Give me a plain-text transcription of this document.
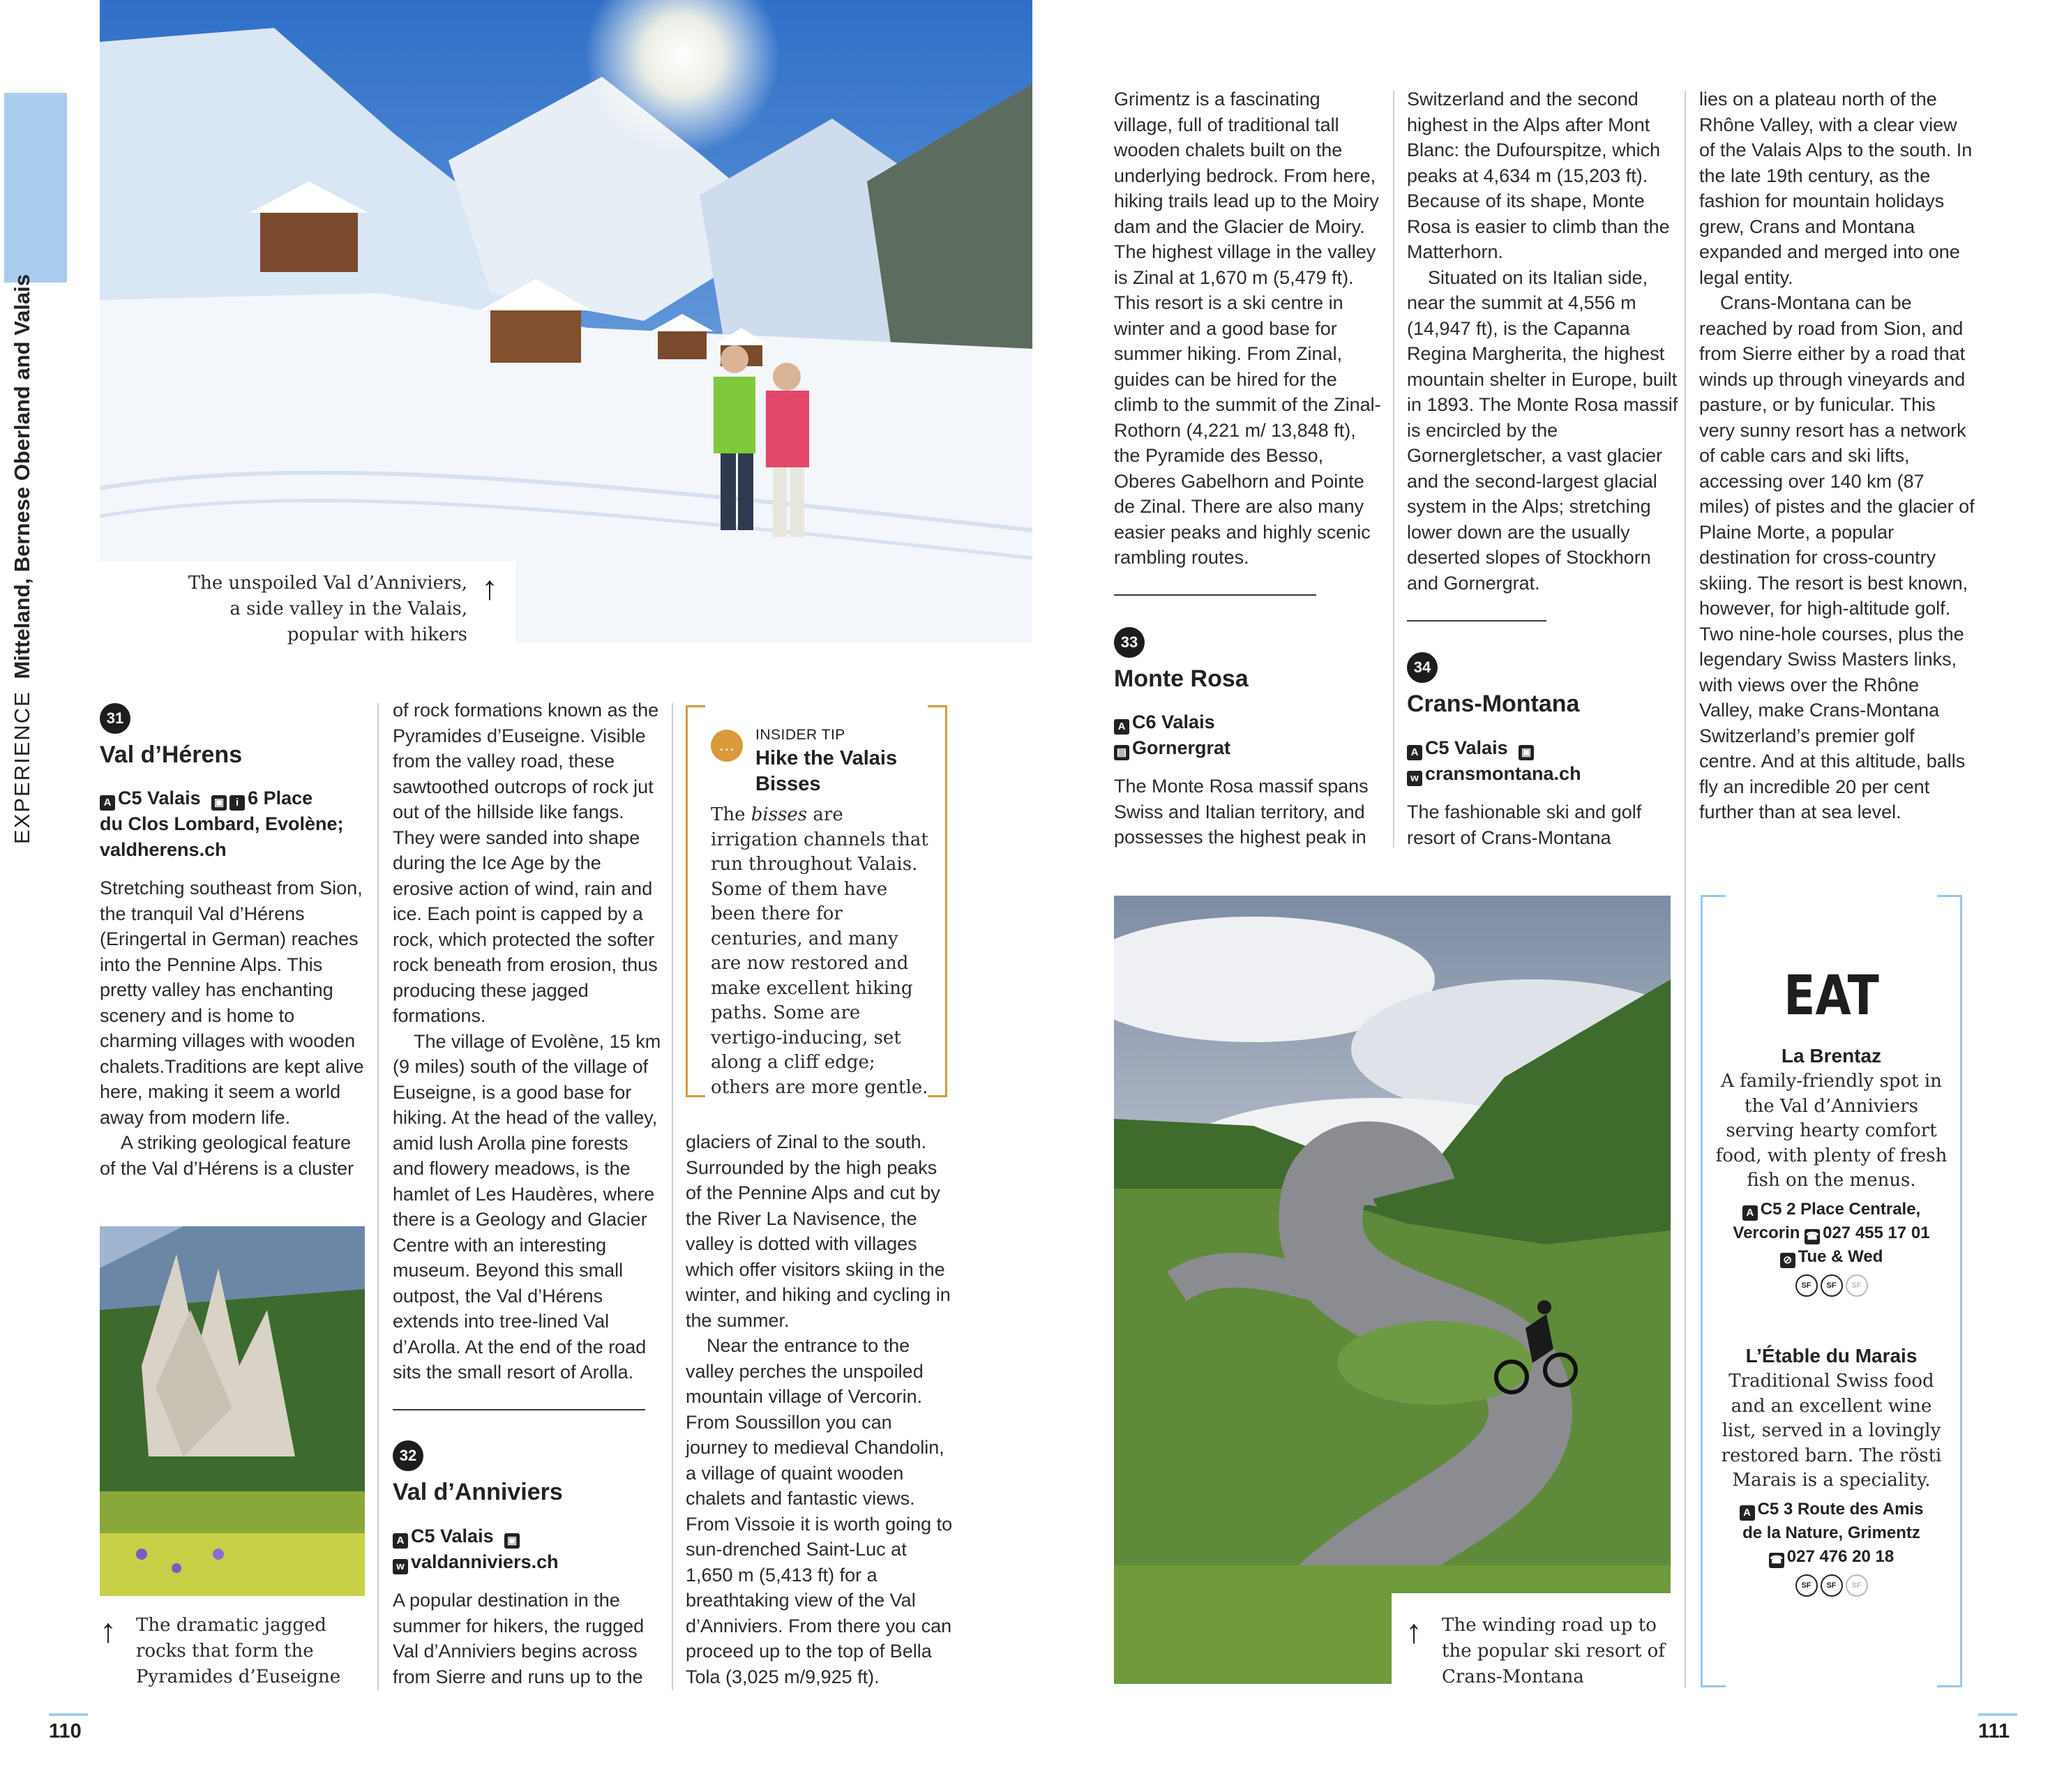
EXPERIENCE Mitteland, Bernese Oberland and Valais	The unspoiled Val d’Anniviers,
a side valley in the Valais,
popular with hikers
↑
31
Val d’Hérens
A C5 Valais ▣ i 6 Place
du Clos Lombard, Evolène;
valdherens.ch

Stretching southeast from Sion, the tranquil Val d’Hérens (Eringertal in German) reaches into the Pennine Alps. This pretty valley has enchanting scenery and is home to charming villages with wooden chalets.Traditions are kept alive here, making it seem a world away from modern life.

A striking geological feature of the Val d’Hérens is a cluster

↑ The dramatic jagged
rocks that form the
Pyramides d’Euseigne

of rock formations known as the Pyramides d’Euseigne. Visible from the valley road, these sawtoothed outcrops of rock jut out of the hillside like fangs. They were sanded into shape during the Ice Age by the erosive action of wind, rain and ice. Each point is capped by a rock, which protected the softer rock beneath from erosion, thus producing these jagged formations.

The village of Evolène, 15 km (9 miles) south of the village of Euseigne, is a good base for hiking. At the head of the valley, amid lush Arolla pine forests and flowery meadows, is the hamlet of Les Haudères, where there is a Geology and Glacier Centre with an interesting museum. Beyond this small outpost, the Val d’Hérens extends into tree-lined Val d’Arolla. At the end of the road sits the small resort of Arolla.

32
Val d’Anniviers
A C5 Valais ▣
w valdanniviers.ch

A popular destination in the summer for hikers, the rugged Val d’Anniviers begins across from Sierre and runs up to the

…
INSIDER TIP
Hike the Valais
Bisses
The bisses are irrigation channels that run throughout Valais. Some of them have been there for centuries, and many are now restored and make excellent hiking paths. Some are vertigo-inducing, set along a cliff edge; others are more gentle.

glaciers of Zinal to the south. Surrounded by the high peaks of the Pennine Alps and cut by the River La Navisence, the valley is dotted with villages which offer visitors skiing in the winter, and hiking and cycling in the summer.

Near the entrance to the valley perches the unspoiled mountain village of Vercorin. From Soussillon you can journey to medieval Chandolin, a village of quaint wooden chalets and fantastic views. From Vissoie it is worth going to sun-drenched Saint-Luc at 1,650 m (5,413 ft) for a breathtaking view of the Val d’Anniviers. From there you can proceed up to the top of Bella Tola (3,025 m/9,925 ft).

Grimentz is a fascinating village, full of traditional tall wooden chalets built on the underlying bedrock. From here, hiking trails lead up to the Moiry dam and the Glacier de Moiry. The highest village in the valley is Zinal at 1,670 m (5,479 ft). This resort is a ski centre in winter and a good base for summer hiking. From Zinal, guides can be hired for the climb to the summit of the Zinal-Rothorn (4,221 m/ 13,848 ft), the Pyramide des Besso, Oberes Gabelhorn and Pointe de Zinal. There are also many easier peaks and highly scenic rambling routes.

33
Monte Rosa
A C6 Valais
▤ Gornergrat

The Monte Rosa massif spans Swiss and Italian territory, and possesses the highest peak in

Switzerland and the second highest in the Alps after Mont Blanc: the Dufourspitze, which peaks at 4,634 m (15,203 ft). Because of its shape, Monte Rosa is easier to climb than the Matterhorn.

Situated on its Italian side, near the summit at 4,556 m (14,947 ft), is the Capanna Regina Margherita, the highest mountain shelter in Europe, built in 1893. The Monte Rosa massif is encircled by the Gornergletscher, a vast glacier and the second-largest glacial system in the Alps; stretching lower down are the usually deserted slopes of Stockhorn and Gornergrat.

34
Crans-Montana
A C5 Valais ▣
w cransmontana.ch

The fashionable ski and golf resort of Crans-Montana

lies on a plateau north of the Rhône Valley, with a clear view of the Valais Alps to the south. In the late 19th century, as the fashion for mountain holidays grew, Crans and Montana expanded and merged into one legal entity.

Crans-Montana can be reached by road from Sion, and from Sierre either by a road that winds up through vineyards and pasture, or by funicular. This very sunny resort has a network of cable cars and ski lifts, accessing over 140 km (87 miles) of pistes and the glacier of Plaine Morte, a popular destination for cross-country skiing. The resort is best known, however, for high-altitude golf. Two nine-hole courses, plus the legendary Swiss Masters links, with views over the Rhône Valley, make Crans-Montana Switzerland’s premier golf centre. And at this altitude, balls fly an incredible 20 per cent further than at sea level.

↑ The winding road up to
the popular ski resort of
Crans-Montana
EAT
La Brentaz
A family-friendly spot in the Val d’Anniviers serving hearty comfort food, with plenty of fresh fish on the menus.
A C5 2 Place Centrale,
Vercorin ☎ 027 455 17 01
⊘ Tue & Wed
SF SF SF
L’Étable du Marais
Traditional Swiss food and an excellent wine list, served in a lovingly restored barn. The rösti Marais is a speciality.
A C5 3 Route des Amis
de la Nature, Grimentz
☎ 027 476 20 18
SF SF SF
110	111
